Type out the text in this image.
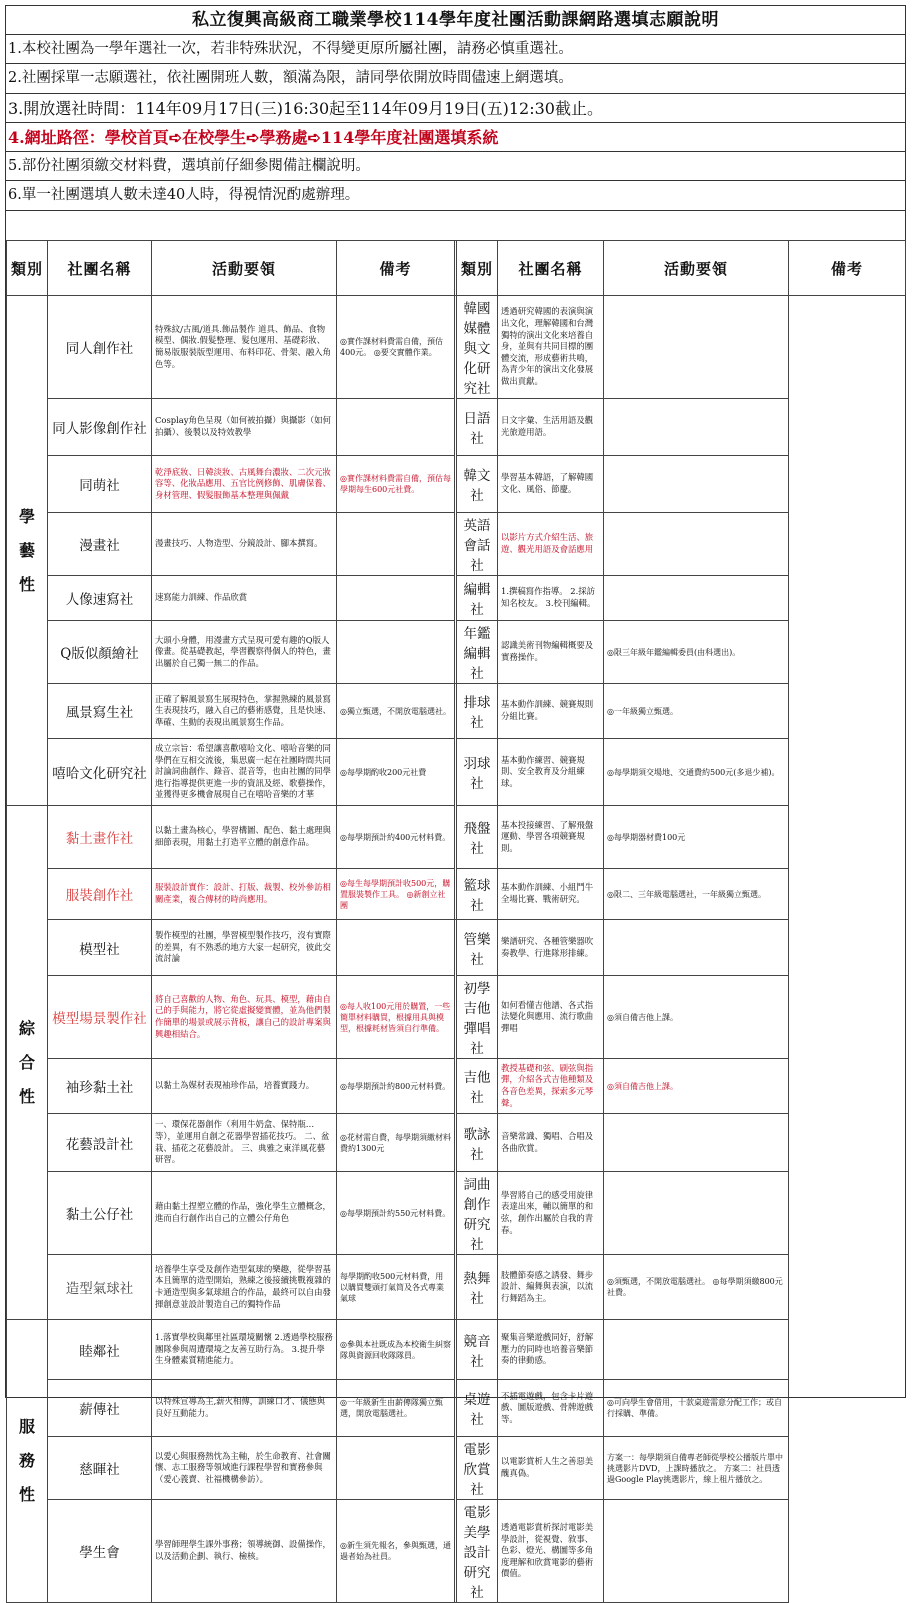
私立復興高級商工職業學校114學年度社團活動課網路選填志願說明
1.本校社團為一學年選社一次，若非特殊狀況，不得變更原所屬社團，請務必慎重選社。
2.社團採單一志願選社，依社團開班人數，額滿為限，請同學依開放時間儘速上網選填。
3.開放選社時間：114年09月17日(三)16:30起至114年09月19日(五)12:30截止。
4.網址路徑：學校首頁➪在校學生➪學務處➪114學年度社團選填系統
5.部份社團須繳交材料費，選填前仔細參閱備註欄說明。
6.單一社團選填人數未達40人時，得視情況酌處辦理。
類別	社團名稱	活動要領	備考		類別	社團名稱	活動要領	備考

學
藝
性	同人創作社	特殊紋/古風/道具.飾品製作 道具、飾品、食物模型、偶妝.假髮整理、髮包運用、基礎彩妝、簡易版服裝版型運用、布料印花、骨架、融入角色等。	◎實作課材料費需自備，預估400元。 ◎要交實體作業。		韓國媒體與文化研究社	透過研究韓國的表演與演出文化，理解韓國和台灣獨特的演出文化來培養自身，並與有共同目標的團體交流，形成藝術共鳴，為青少年的演出文化發展做出貢獻。		
	同人影像創作社	Cosplay角色呈現（如何被拍攝）與攝影（如何拍攝）、後製以及特效教學			日語社	日文字彙、生活用語及觀光旅遊用語。		
	同萌社	乾淨底妝、日韓淡妝、古風舞台濃妝、二次元妝容等、化妝品應用、五官比例修飾、肌膚保養、身材管理、假髮服飾基本整理與佩戴	◎實作課材料費需自備，預估每學期每生600元社費。		韓文社	學習基本韓語，了解韓國文化、風俗、節慶。		
	漫畫社	漫畫技巧、人物造型、分鏡設計、腳本撰寫。			英語會話社	以影片方式介紹生活、旅遊、觀光用語及會話應用		
	人像速寫社	速寫能力訓練、作品欣賞			編輯社	1.撰稿寫作指導。 2.採訪知名校友。 3.校刊編輯。		
	Q版似顏繪社	大頭小身體，用漫畫方式呈現可愛有趣的Q版人像畫。從基礎教起，學習觀察得個人的特色，畫出屬於自己獨一無二的作品。			年鑑編輯社	認識美術刊物編輯概要及實務操作。	◎限三年級年鑑編輯委員(由科選出)。	
	風景寫生社	正確了解風景寫生展現特色，掌握熟練的風景寫生表現技巧，融入自己的藝術感覺，且是快速、準確、生動的表現出風景寫生作品。	◎獨立甄選，不開放電腦選社。		排球社	基本動作訓練、競賽規則分組比賽。	◎一年級獨立甄選。	
	嘻哈文化研究社	成立宗旨：希望讓喜歡嘻哈文化、嘻哈音樂的同學們在互相交流後，集思廣一起在社團時間共同討論詞曲創作、錄音、混音等，也由社團的同學進行指導提供更進一步的資訊及經、歌藝操作，並獲得更多機會展現自己在嘻哈音樂的才華	◎每學期酌收200元社費		羽球社	基本動作練習、競賽規則、安全教育及分組練球。	◎每學期須交場地、交通費約500元(多退少補)。	

綜
合
性	黏土畫作社	以黏土畫為核心，學習構圖、配色、黏土處理與細節表現，用黏土打造平立體的創意作品。	◎每學期預計約400元材料費。		飛盤社	基本投接練習、了解飛盤運動、學習各項競賽規則。	◎每學期器材費100元	
	服裝創作社	服裝設計實作：設計、打版、裁製、校外參訪相關產業，複合傳材的時尚應用。	◎每生每學期預計收500元，購置服裝製作工具。 ◎新創立社團		籃球社	基本動作訓練、小組鬥牛全場比賽、戰術研究。	◎限二、三年級電腦選社，一年級獨立甄選。	
	模型社	製作模型的社團，學習模型製作技巧，沒有實際的差異，有不熟悉的地方大家一起研究，彼此交流討論			管樂社	樂譜研究、各種管樂器吹奏教學、行進隊形排練。		
	模型場景製作社	將自己喜歡的人物、角色、玩具、模型，藉由自己的手與能力，將它從虛擬變實體，並為他們製作簡單的場景或展示背板，讓自己的設計專案與興趣相結合。	◎每人收100元用於購置，一些簡單材料購買，根據用具與模型，根據耗材皆須自行準備。		初學吉他彈唱社	如何看懂吉他譜、各式指法變化與應用、流行歌曲彈唱	◎須自備吉他上課。	
	袖珍黏土社	以黏土為媒材表現袖珍作品，培養實踐力。	◎每學期預計約800元材料費。		吉他社	教授基礎和弦、刷弦與指彈，介紹各式吉他種類及各音色差異，探索多元琴聲。	◎須自備吉他上課。	
	花藝設計社	一、環保花器創作（利用牛奶盒、保特瓶…等），並運用自創之花器學習插花技巧。 二、盆栽、插花之花藝設計。 三、典雅之東洋風花藝研習。	◎花材需自費，每學期須繳材料費約1300元		歌詠社	音樂常識、獨唱、合唱及各曲欣賞。		
	黏土公仔社	藉由黏土捏塑立體的作品，強化學生立體概念，進而自行創作出自己的立體公仔角色	◎每學期預計約550元材料費。		詞曲創作研究社	學習將自己的感受用旋律表達出來，輔以簡單的和弦，創作出屬於自我的青春。		
	造型氣球社	培養學生享受及創作造型氣球的樂趣，從學習基本且簡單的造型開始，熟練之後接續挑戰複雜的卡通造型與多氣球組合的作品，最終可以自由發揮創意並設計製造自己的獨特作品	每學期酌收500元材料費，用以購買雙頭打氣筒及各式專業氣球		熱舞社	肢體節奏感之誘發、舞步設計、編舞與表演，以流行舞蹈為主。	◎須甄選，不開放電腦選社。 ◎每學期須繳800元社費。	

服
務
性	睦鄰社	1.落實學校與鄰里社區環境關懷 2.透過學校服務團隊參與周遭環境之友善互助行為。 3.提升學生身體素質精進能力。	◎參與本社既成為本校衛生糾察隊與資源回收隊隊員。		競音社	聚集音樂遊戲同好，舒解壓力的同時也培養音樂節奏的律動感。		
	薪傳社	以特殊宣導為主,薪火相傳，訓練口才、儀態與良好互動能力。	◎一年級新生由薪傳隊獨立甄選，開放電腦選社。		桌遊社	不插電遊戲，包含卡片遊戲、圖版遊戲、骨牌遊戲等。	◎可向學生會借用，十款桌遊需意分配工作；或自行採購、準備。	
	慈暉社	以愛心與服務熱忱為主軸，於生命教育、社會關懷、志工服務等領域進行課程學習和實務參與（愛心義賣、社福機構參訪）。			電影欣賞社	以電影賞析人生之善惡美醜真偽。	方案一：每學期須自備專老師從學校公播版片單中挑選影片DVD，上課時播放之。 方案二：社員透過Google Play挑選影片，線上租片播放之。	
	學生會	學習師理學生課外事務；領導統御、設備操作，以及活動企劃、執行、檢核。	◎新生須先報名，參與甄選，通過者始為社員。		電影美學設計研究社	透過電影賞析探討電影美學設計，從視覺、敘事、色彩、燈光、構圖等多角度理解和欣賞電影的藝術價值。		
